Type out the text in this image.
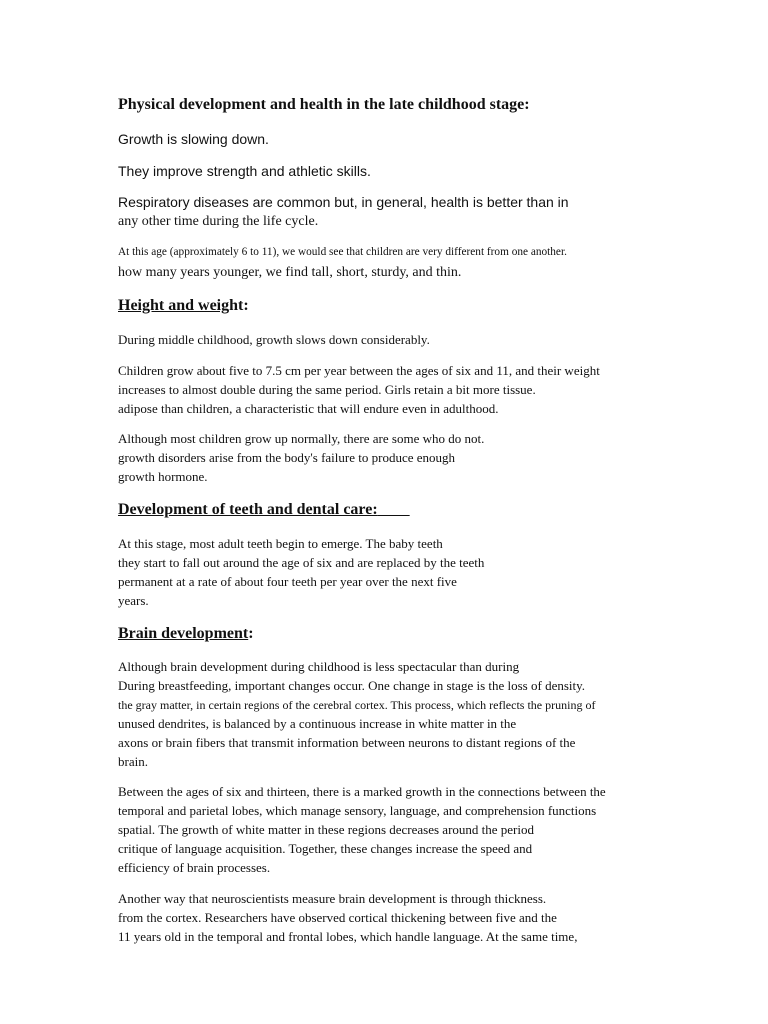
Physical development and health in the late childhood stage:
Growth is slowing down.
They improve strength and athletic skills.
Respiratory diseases are common but, in general, health is better than in
any other time during the life cycle.
At this age (approximately 6 to 11), we would see that children are very different from one another.
how many years younger, we find tall, short, sturdy, and thin.
Height and weight:
During middle childhood, growth slows down considerably.
Children grow about five to 7.5 cm per year between the ages of six and 11, and their weight
increases to almost double during the same period. Girls retain a bit more tissue.
adipose than children, a characteristic that will endure even in adulthood.
Although most children grow up normally, there are some who do not.
growth disorders arise from the body's failure to produce enough
growth hormone.
Development of teeth and dental care:
At this stage, most adult teeth begin to emerge. The baby teeth
they start to fall out around the age of six and are replaced by the teeth
permanent at a rate of about four teeth per year over the next five
years.
Brain development:
Although brain development during childhood is less spectacular than during
During breastfeeding, important changes occur. One change in stage is the loss of density.
the gray matter, in certain regions of the cerebral cortex. This process, which reflects the pruning of
unused dendrites, is balanced by a continuous increase in white matter in the
axons or brain fibers that transmit information between neurons to distant regions of the
brain.
Between the ages of six and thirteen, there is a marked growth in the connections between the
temporal and parietal lobes, which manage sensory, language, and comprehension functions
spatial. The growth of white matter in these regions decreases around the period
critique of language acquisition. Together, these changes increase the speed and
efficiency of brain processes.
Another way that neuroscientists measure brain development is through thickness.
from the cortex. Researchers have observed cortical thickening between five and the
11 years old in the temporal and frontal lobes, which handle language. At the same time,
